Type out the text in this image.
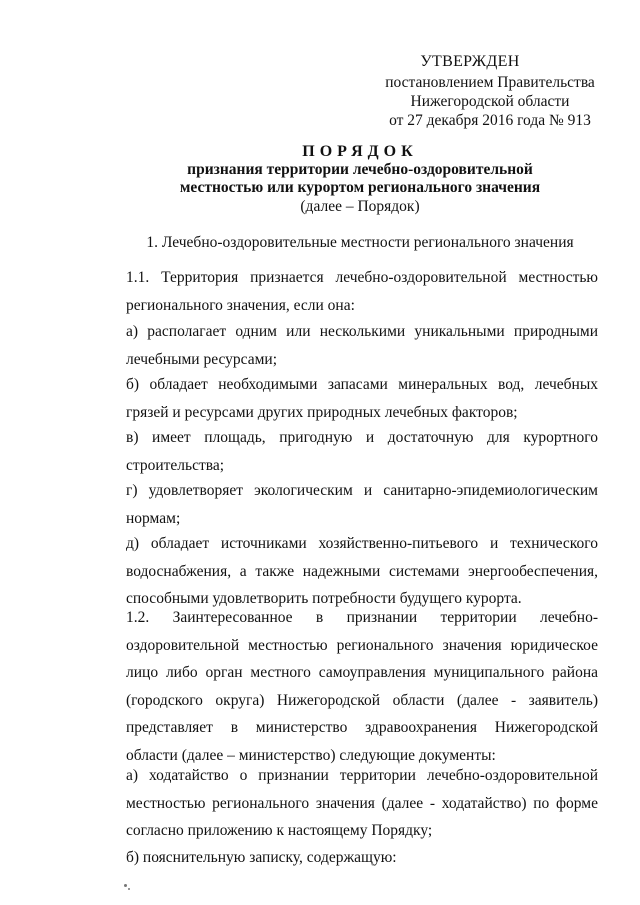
УТВЕРЖДЕН
постановлением Правительства
Нижегородской области
от 27 декабря 2016 года № 913
ПОРЯДОК
признания территории лечебно-оздоровительной
местностью или курортом регионального значения
(далее – Порядок)
1. Лечебно-оздоровительные местности регионального значения
1.1. Территория признается лечебно-оздоровительной местностью регионального значения, если она:
а) располагает одним или несколькими уникальными природными лечебными ресурсами;
б) обладает необходимыми запасами минеральных вод, лечебных грязей и ресурсами других природных лечебных факторов;
в) имеет площадь, пригодную и достаточную для курортного строительства;
г) удовлетворяет экологическим и санитарно-эпидемиологическим нормам;
д) обладает источниками хозяйственно-питьевого и технического водоснабжения, а также надежными системами энергообеспечения, способными удовлетворить потребности будущего курорта.
1.2. Заинтересованное в признании территории лечебно-оздоровительной местностью регионального значения юридическое лицо либо орган местного самоуправления муниципального района (городского округа) Нижегородской области (далее - заявитель) представляет в министерство здравоохранения Нижегородской области (далее – министерство) следующие документы:
а) ходатайство о признании территории лечебно-оздоровительной местностью регионального значения (далее - ходатайство) по форме согласно приложению к настоящему Порядку;
б) пояснительную записку, содержащую:
